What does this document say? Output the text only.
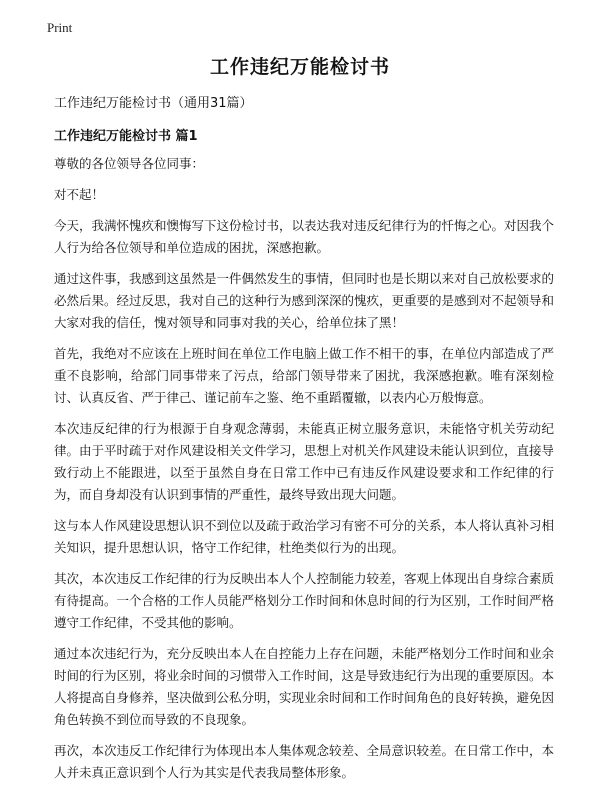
Print
工作违纪万能检讨书
工作违纪万能检讨书（通用31篇）
工作违纪万能检讨书 篇1

尊敬的各位领导各位同事：

对不起！

今天，我满怀愧疚和懊悔写下这份检讨书，以表达我对违反纪律行为的忏悔之心。对因我个人行为给各位领导和单位造成的困扰，深感抱歉。

通过这件事，我感到这虽然是一件偶然发生的事情，但同时也是长期以来对自己放松要求的必然后果。经过反思，我对自己的这种行为感到深深的愧疚，更重要的是感到对不起领导和大家对我的信任，愧对领导和同事对我的关心，给单位抹了黑！

首先，我绝对不应该在上班时间在单位工作电脑上做工作不相干的事，在单位内部造成了严重不良影响，给部门同事带来了污点，给部门领导带来了困扰，我深感抱歉。唯有深刻检讨、认真反省、严于律己、谨记前车之鉴、绝不重蹈覆辙，以表内心万般悔意。

本次违反纪律的行为根源于自身观念薄弱，未能真正树立服务意识，未能恪守机关劳动纪律。由于平时疏于对作风建设相关文件学习，思想上对机关作风建设未能认识到位，直接导致行动上不能跟进，以至于虽然自身在日常工作中已有违反作风建设要求和工作纪律的行为，而自身却没有认识到事情的严重性，最终导致出现大问题。

这与本人作风建设思想认识不到位以及疏于政治学习有密不可分的关系，本人将认真补习相关知识，提升思想认识，恪守工作纪律，杜绝类似行为的出现。

其次，本次违反工作纪律的行为反映出本人个人控制能力较差，客观上体现出自身综合素质有待提高。一个合格的工作人员能严格划分工作时间和休息时间的行为区别，工作时间严格遵守工作纪律，不受其他的影响。

通过本次违纪行为，充分反映出本人在自控能力上存在问题，未能严格划分工作时间和业余时间的行为区别，将业余时间的习惯带入工作时间，这是导致违纪行为出现的重要原因。本人将提高自身修养，坚决做到公私分明，实现业余时间和工作时间角色的良好转换，避免因角色转换不到位而导致的不良现象。

再次，本次违反工作纪律行为体现出本人集体观念较差、全局意识较差。在日常工作中，本人并未真正意识到个人行为其实是代表我局整体形象。
